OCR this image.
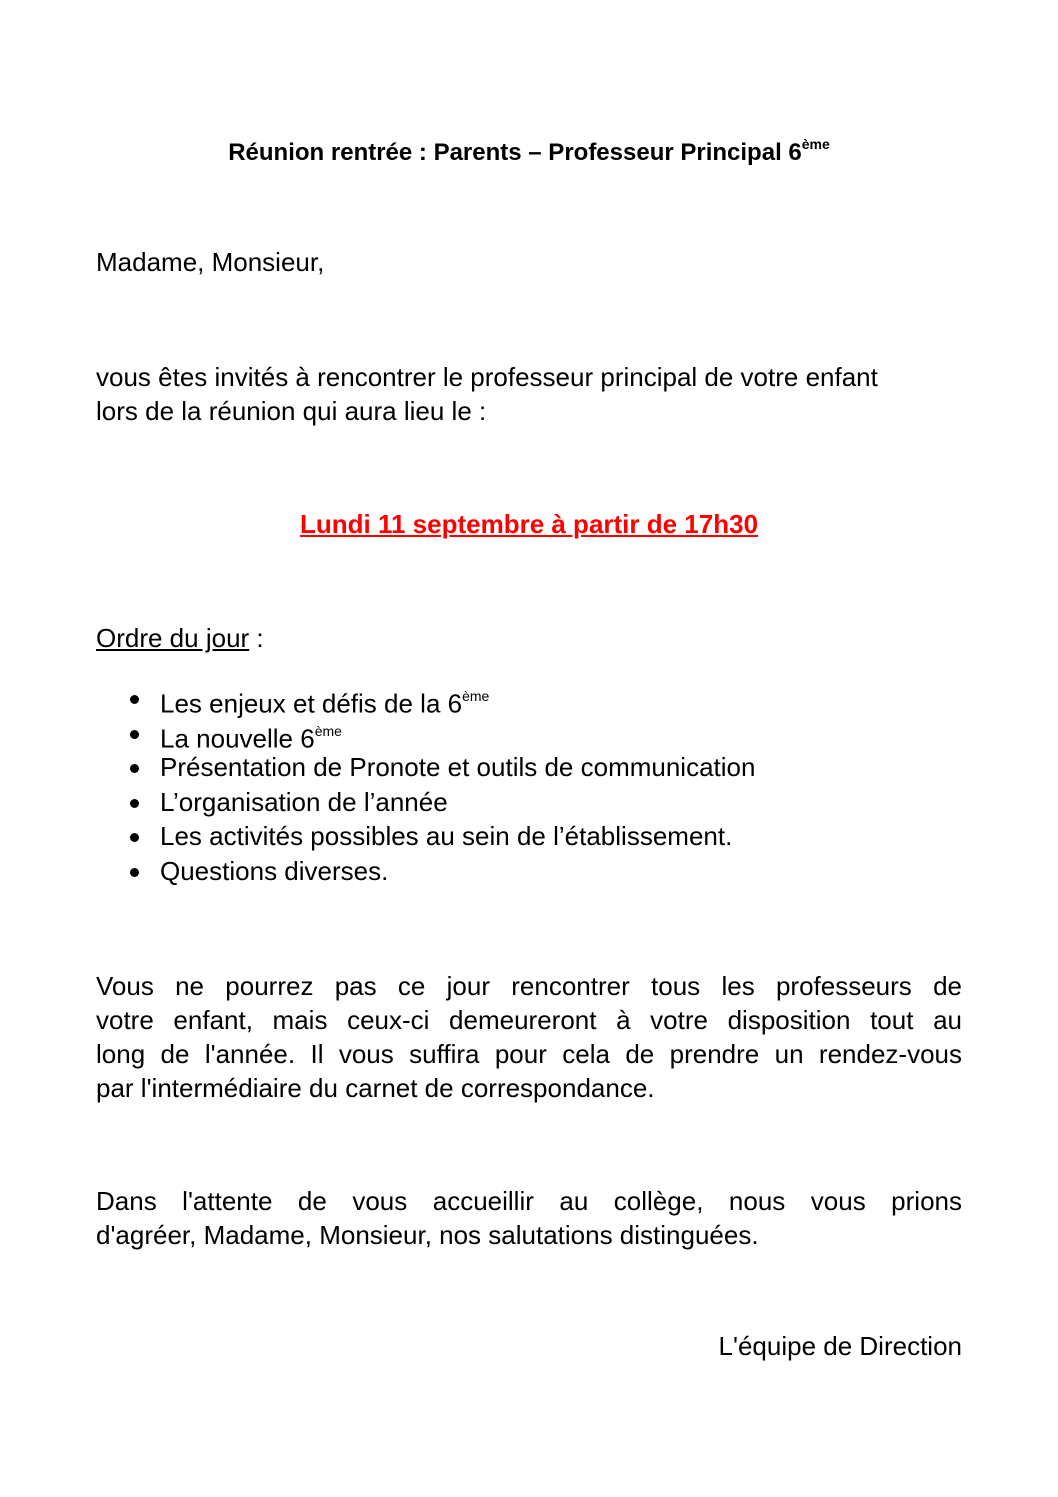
Réunion rentrée : Parents – Professeur Principal 6ème
Madame, Monsieur,
vous êtes invités à rencontrer le professeur principal de votre enfant
lors de la réunion qui aura lieu le :
Lundi 11 septembre à partir de 17h30
Ordre du jour :
Les enjeux et défis de la 6ème
La nouvelle 6ème
Présentation de Pronote et outils de communication
L’organisation de l’année
Les activités possibles au sein de l’établissement.
Questions diverses.
Vous ne pourrez pas ce jour rencontrer tous les professeurs de
votre enfant, mais ceux-ci demeureront à votre disposition tout au
long de l'année. Il vous suffira pour cela de prendre un rendez-vous
par l'intermédiaire du carnet de correspondance.
Dans l'attente de vous accueillir au collège, nous vous prions
d'agréer, Madame, Monsieur, nos salutations distinguées.
L'équipe de Direction
